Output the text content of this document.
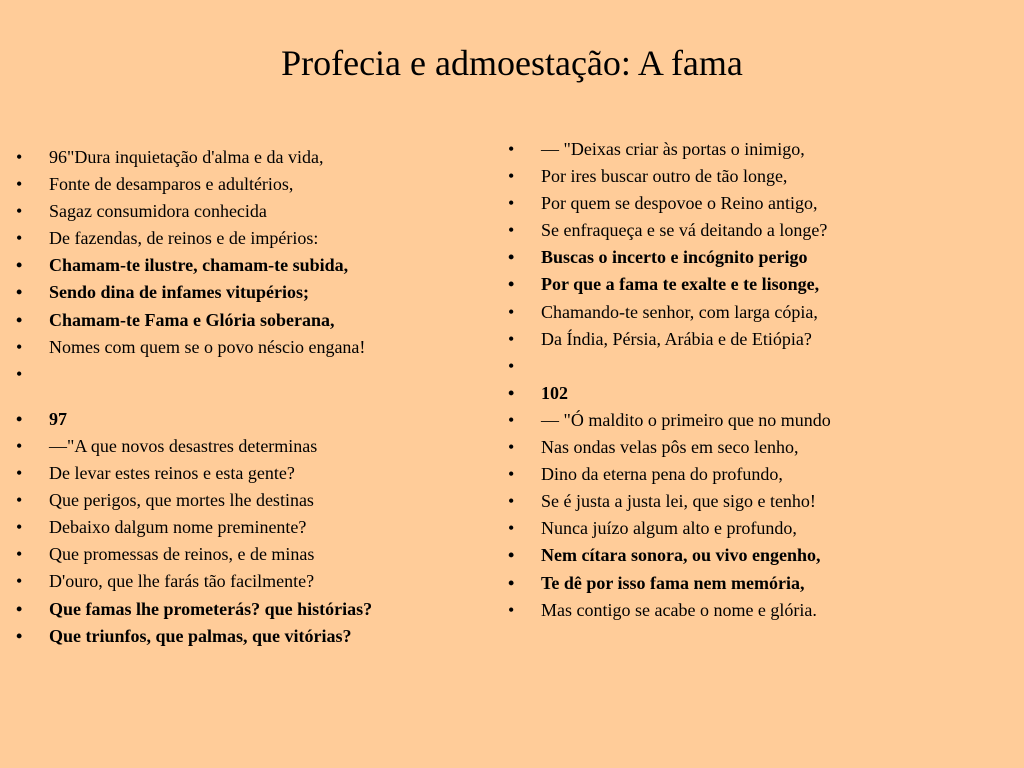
Profecia e admoestação: A fama
• 96"Dura inquietação d'alma e da vida,
• Fonte de desamparos e adultérios,
• Sagaz consumidora conhecida
• De fazendas, de reinos e de impérios:
• Chamam-te ilustre, chamam-te subida,
• Sendo dina de infames vitupérios;
• Chamam-te Fama e Glória soberana,
• Nomes com quem se o povo néscio engana!
•
• 97
• —"A que novos desastres determinas
• De levar estes reinos e esta gente?
• Que perigos, que mortes lhe destinas
• Debaixo dalgum nome preminente?
• Que promessas de reinos, e de minas
• D'ouro, que lhe farás tão facilmente?
• Que famas lhe prometerás? que histórias?
• Que triunfos, que palmas, que vitórias?
• — "Deixas criar às portas o inimigo,
• Por ires buscar outro de tão longe,
• Por quem se despovoe o Reino antigo,
• Se enfraqueça e se vá deitando a longe?
• Buscas o incerto e incógnito perigo
• Por que a fama te exalte e te lisonge,
• Chamando-te senhor, com larga cópia,
• Da Índia, Pérsia, Arábia e de Etiópia?
•
• 102
• — "Ó maldito o primeiro que no mundo
• Nas ondas velas pôs em seco lenho,
• Dino da eterna pena do profundo,
• Se é justa a justa lei, que sigo e tenho!
• Nunca juízo algum alto e profundo,
• Nem cítara sonora, ou vivo engenho,
• Te dê por isso fama nem memória,
• Mas contigo se acabe o nome e glória.
